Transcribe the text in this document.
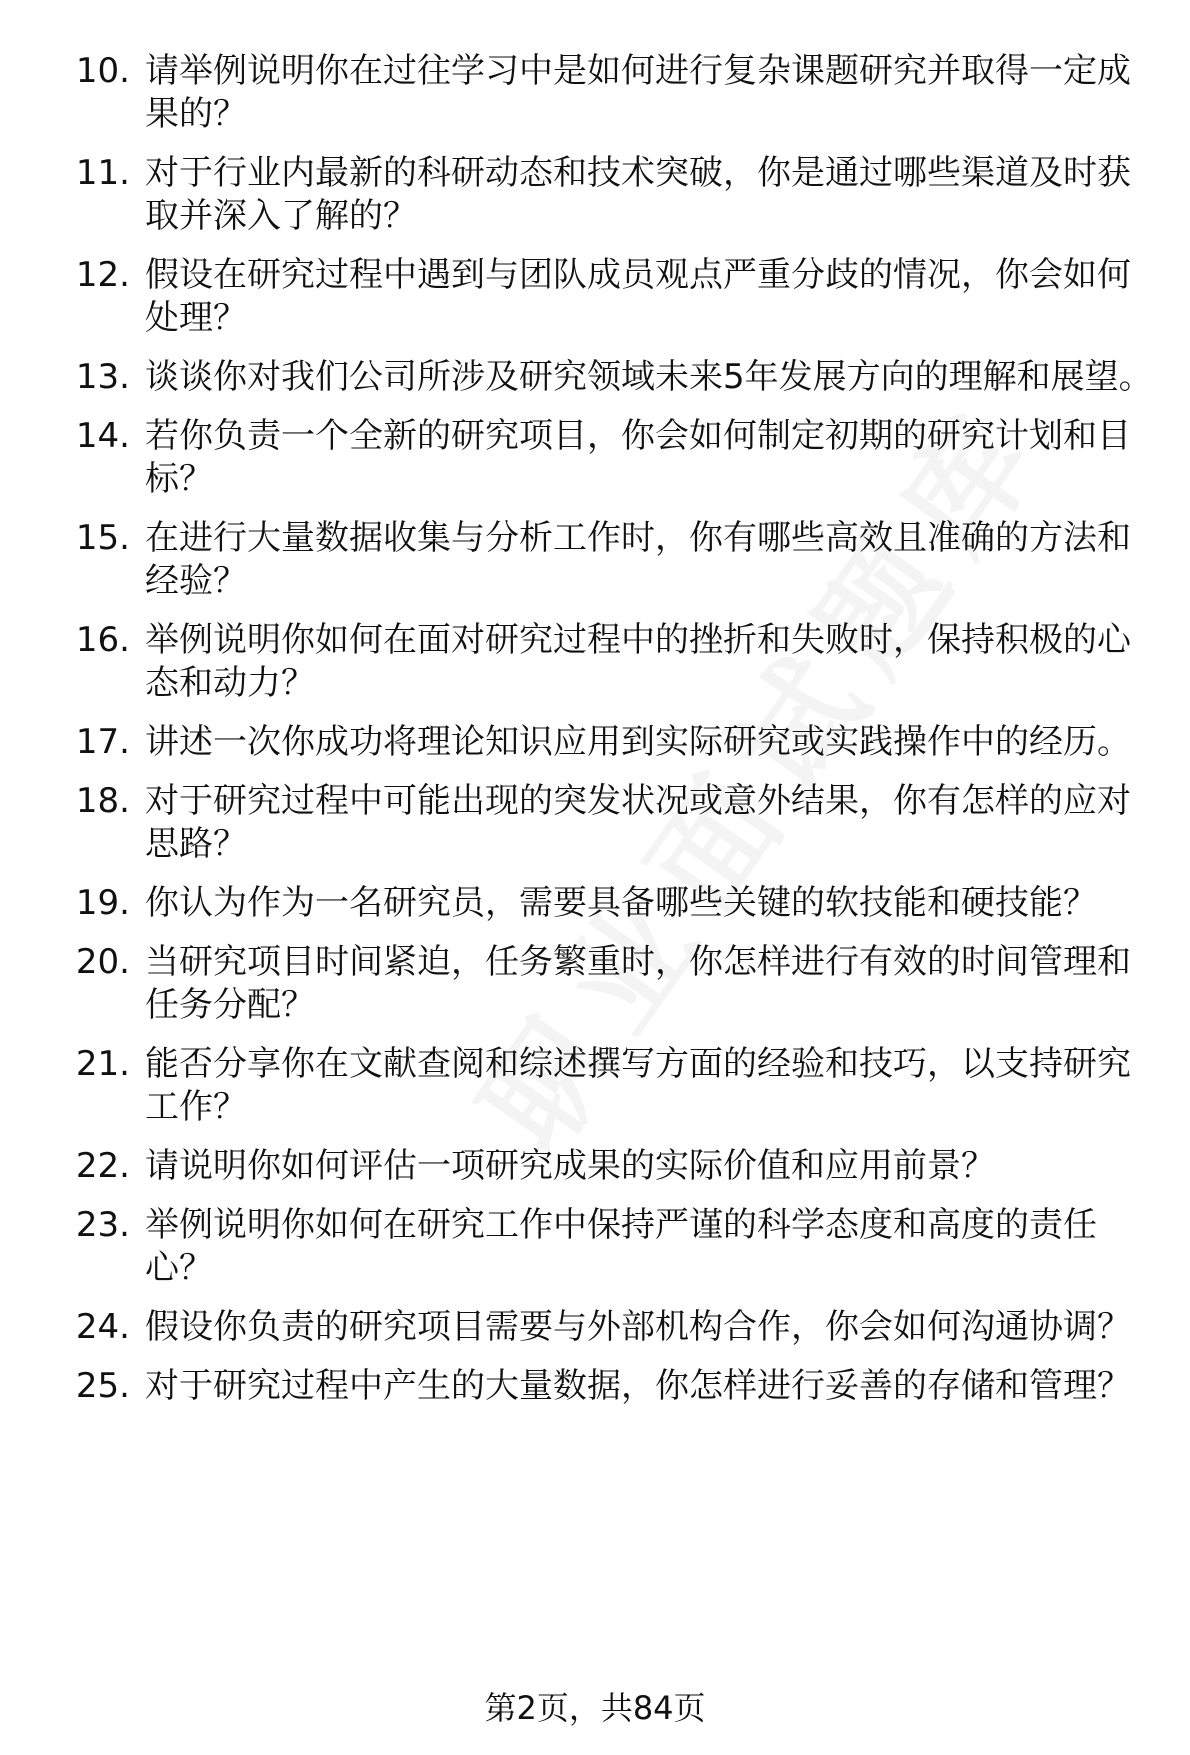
10. 请举例说明你在过往学习中是如何进行复杂课题研究并取得一定成果的？
11. 对于行业内最新的科研动态和技术突破，你是通过哪些渠道及时获取并深入了解的？
12. 假设在研究过程中遇到与团队成员观点严重分歧的情况，你会如何处理？
13. 谈谈你对我们公司所涉及研究领域未来5年发展方向的理解和展望。
14. 若你负责一个全新的研究项目，你会如何制定初期的研究计划和目标？
15. 在进行大量数据收集与分析工作时，你有哪些高效且准确的方法和经验？
16. 举例说明你如何在面对研究过程中的挫折和失败时，保持积极的心态和动力？
17. 讲述一次你成功将理论知识应用到实际研究或实践操作中的经历。
18. 对于研究过程中可能出现的突发状况或意外结果，你有怎样的应对思路？
19. 你认为作为一名研究员，需要具备哪些关键的软技能和硬技能？
20. 当研究项目时间紧迫，任务繁重时，你怎样进行有效的时间管理和任务分配？
21. 能否分享你在文献查阅和综述撰写方面的经验和技巧，以支持研究工作？
22. 请说明你如何评估一项研究成果的实际价值和应用前景？
23. 举例说明你如何在研究工作中保持严谨的科学态度和高度的责任心？
24. 假设你负责的研究项目需要与外部机构合作，你会如何沟通协调？
25. 对于研究过程中产生的大量数据，你怎样进行妥善的存储和管理？
第2页，共84页
